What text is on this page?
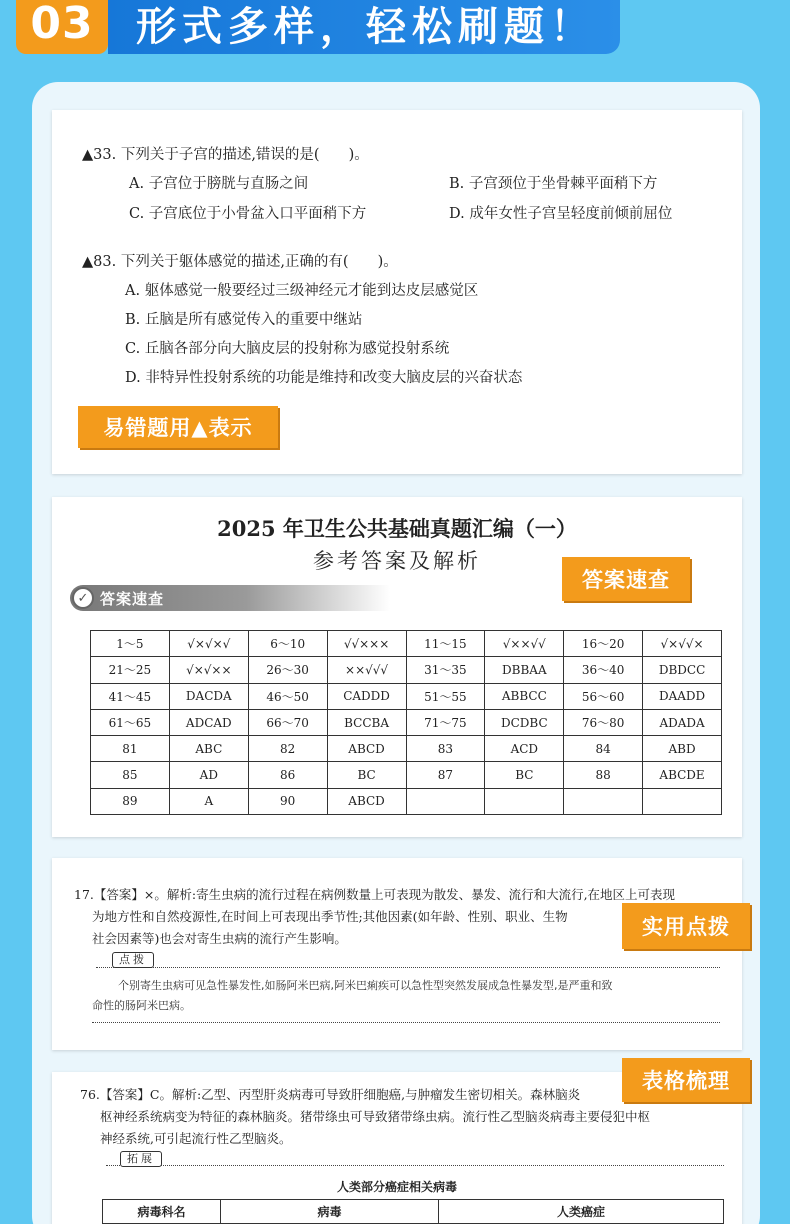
03	形式多样，轻松刷题！
▲33. 下列关于子宫的描述,错误的是(　　)。
A. 子宫位于膀胱与直肠之间	B. 子宫颈位于坐骨棘平面稍下方
C. 子宫底位于小骨盆入口平面稍下方	D. 成年女性子宫呈轻度前倾前屈位
▲83. 下列关于躯体感觉的描述,正确的有(　　)。
A. 躯体感觉一般要经过三级神经元才能到达皮层感觉区
B. 丘脑是所有感觉传入的重要中继站
C. 丘脑各部分向大脑皮层的投射称为感觉投射系统
D. 非特异性投射系统的功能是维持和改变大脑皮层的兴奋状态
易错题用▲表示
2025 年卫生公共基础真题汇编（一）
参考答案及解析
✓ 答案速查
答案速查
1～5	√×√×√	6～10	√√×××	11～15	√××√√	16～20	√×√√×
21～25	√×√××	26～30	××√√√	31～35	DBBAA	36～40	DBDCC
41～45	DACDA	46～50	CADDD	51～55	ABBCC	56～60	DAADD
61～65	ADCAD	66～70	BCCBA	71～75	DCDBC	76～80	ADADA
81	ABC	82	ABCD	83	ACD	84	ABD
85	AD	86	BC	87	BC	88	ABCDE
89	A	90	ABCD				
17.【答案】×。解析:寄生虫病的流行过程在病例数量上可表现为散发、暴发、流行和大流行,在地区上可表现
为地方性和自然疫源性,在时间上可表现出季节性;其他因素(如年龄、性别、职业、生物
社会因素等)也会对寄生虫病的流行产生影响。
点拨
个别寄生虫病可见急性暴发性,如肠阿米巴病,阿米巴痢疾可以急性型突然发展成急性暴发型,是严重和致
命性的肠阿米巴病。
实用点拨
76.【答案】C。解析:乙型、丙型肝炎病毒可导致肝细胞癌,与肿瘤发生密切相关。森林脑炎
枢神经系统病变为特征的森林脑炎。猪带绦虫可导致猪带绦虫病。流行性乙型脑炎病毒主要侵犯中枢
神经系统,可引起流行性乙型脑炎。
拓展
人类部分癌症相关病毒
病毒科名	病毒	人类癌症
表格梳理
